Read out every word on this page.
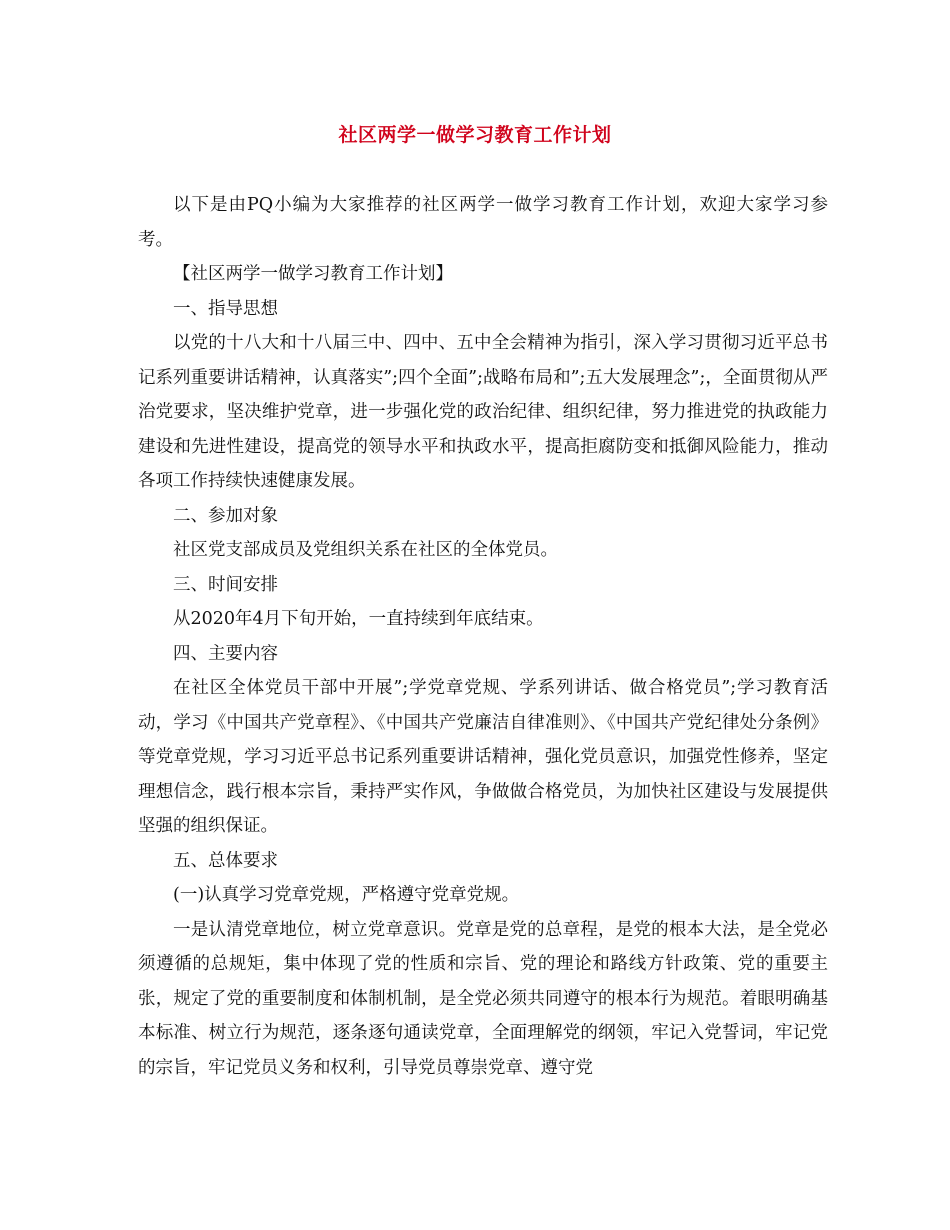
社区两学一做学习教育工作计划

以下是由PQ小编为大家推荐的社区两学一做学习教育工作计划，欢迎大家学习参考。

【社区两学一做学习教育工作计划】

一、指导思想

以党的十八大和十八届三中、四中、五中全会精神为指引，深入学习贯彻习近平总书记系列重要讲话精神，认真落实”;四个全面”;战略布局和”;五大发展理念”;，全面贯彻从严治党要求，坚决维护党章，进一步强化党的政治纪律、组织纪律，努力推进党的执政能力建设和先进性建设，提高党的领导水平和执政水平，提高拒腐防变和抵御风险能力，推动各项工作持续快速健康发展。

二、参加对象

社区党支部成员及党组织关系在社区的全体党员。

三、时间安排

从2020年4月下旬开始，一直持续到年底结束。

四、主要内容

在社区全体党员干部中开展”;学党章党规、学系列讲话、做合格党员”;学习教育活动，学习《中国共产党章程》、《中国共产党廉洁自律准则》、《中国共产党纪律处分条例》等党章党规，学习习近平总书记系列重要讲话精神，强化党员意识，加强党性修养，坚定理想信念，践行根本宗旨，秉持严实作风，争做做合格党员，为加快社区建设与发展提供坚强的组织保证。

五、总体要求

(一)认真学习党章党规，严格遵守党章党规。

一是认清党章地位，树立党章意识。党章是党的总章程，是党的根本大法，是全党必须遵循的总规矩，集中体现了党的性质和宗旨、党的理论和路线方针政策、党的重要主张，规定了党的重要制度和体制机制，是全党必须共同遵守的根本行为规范。着眼明确基本标准、树立行为规范，逐条逐句通读党章，全面理解党的纲领，牢记入党誓词，牢记党的宗旨，牢记党员义务和权利，引导党员尊崇党章、遵守党
